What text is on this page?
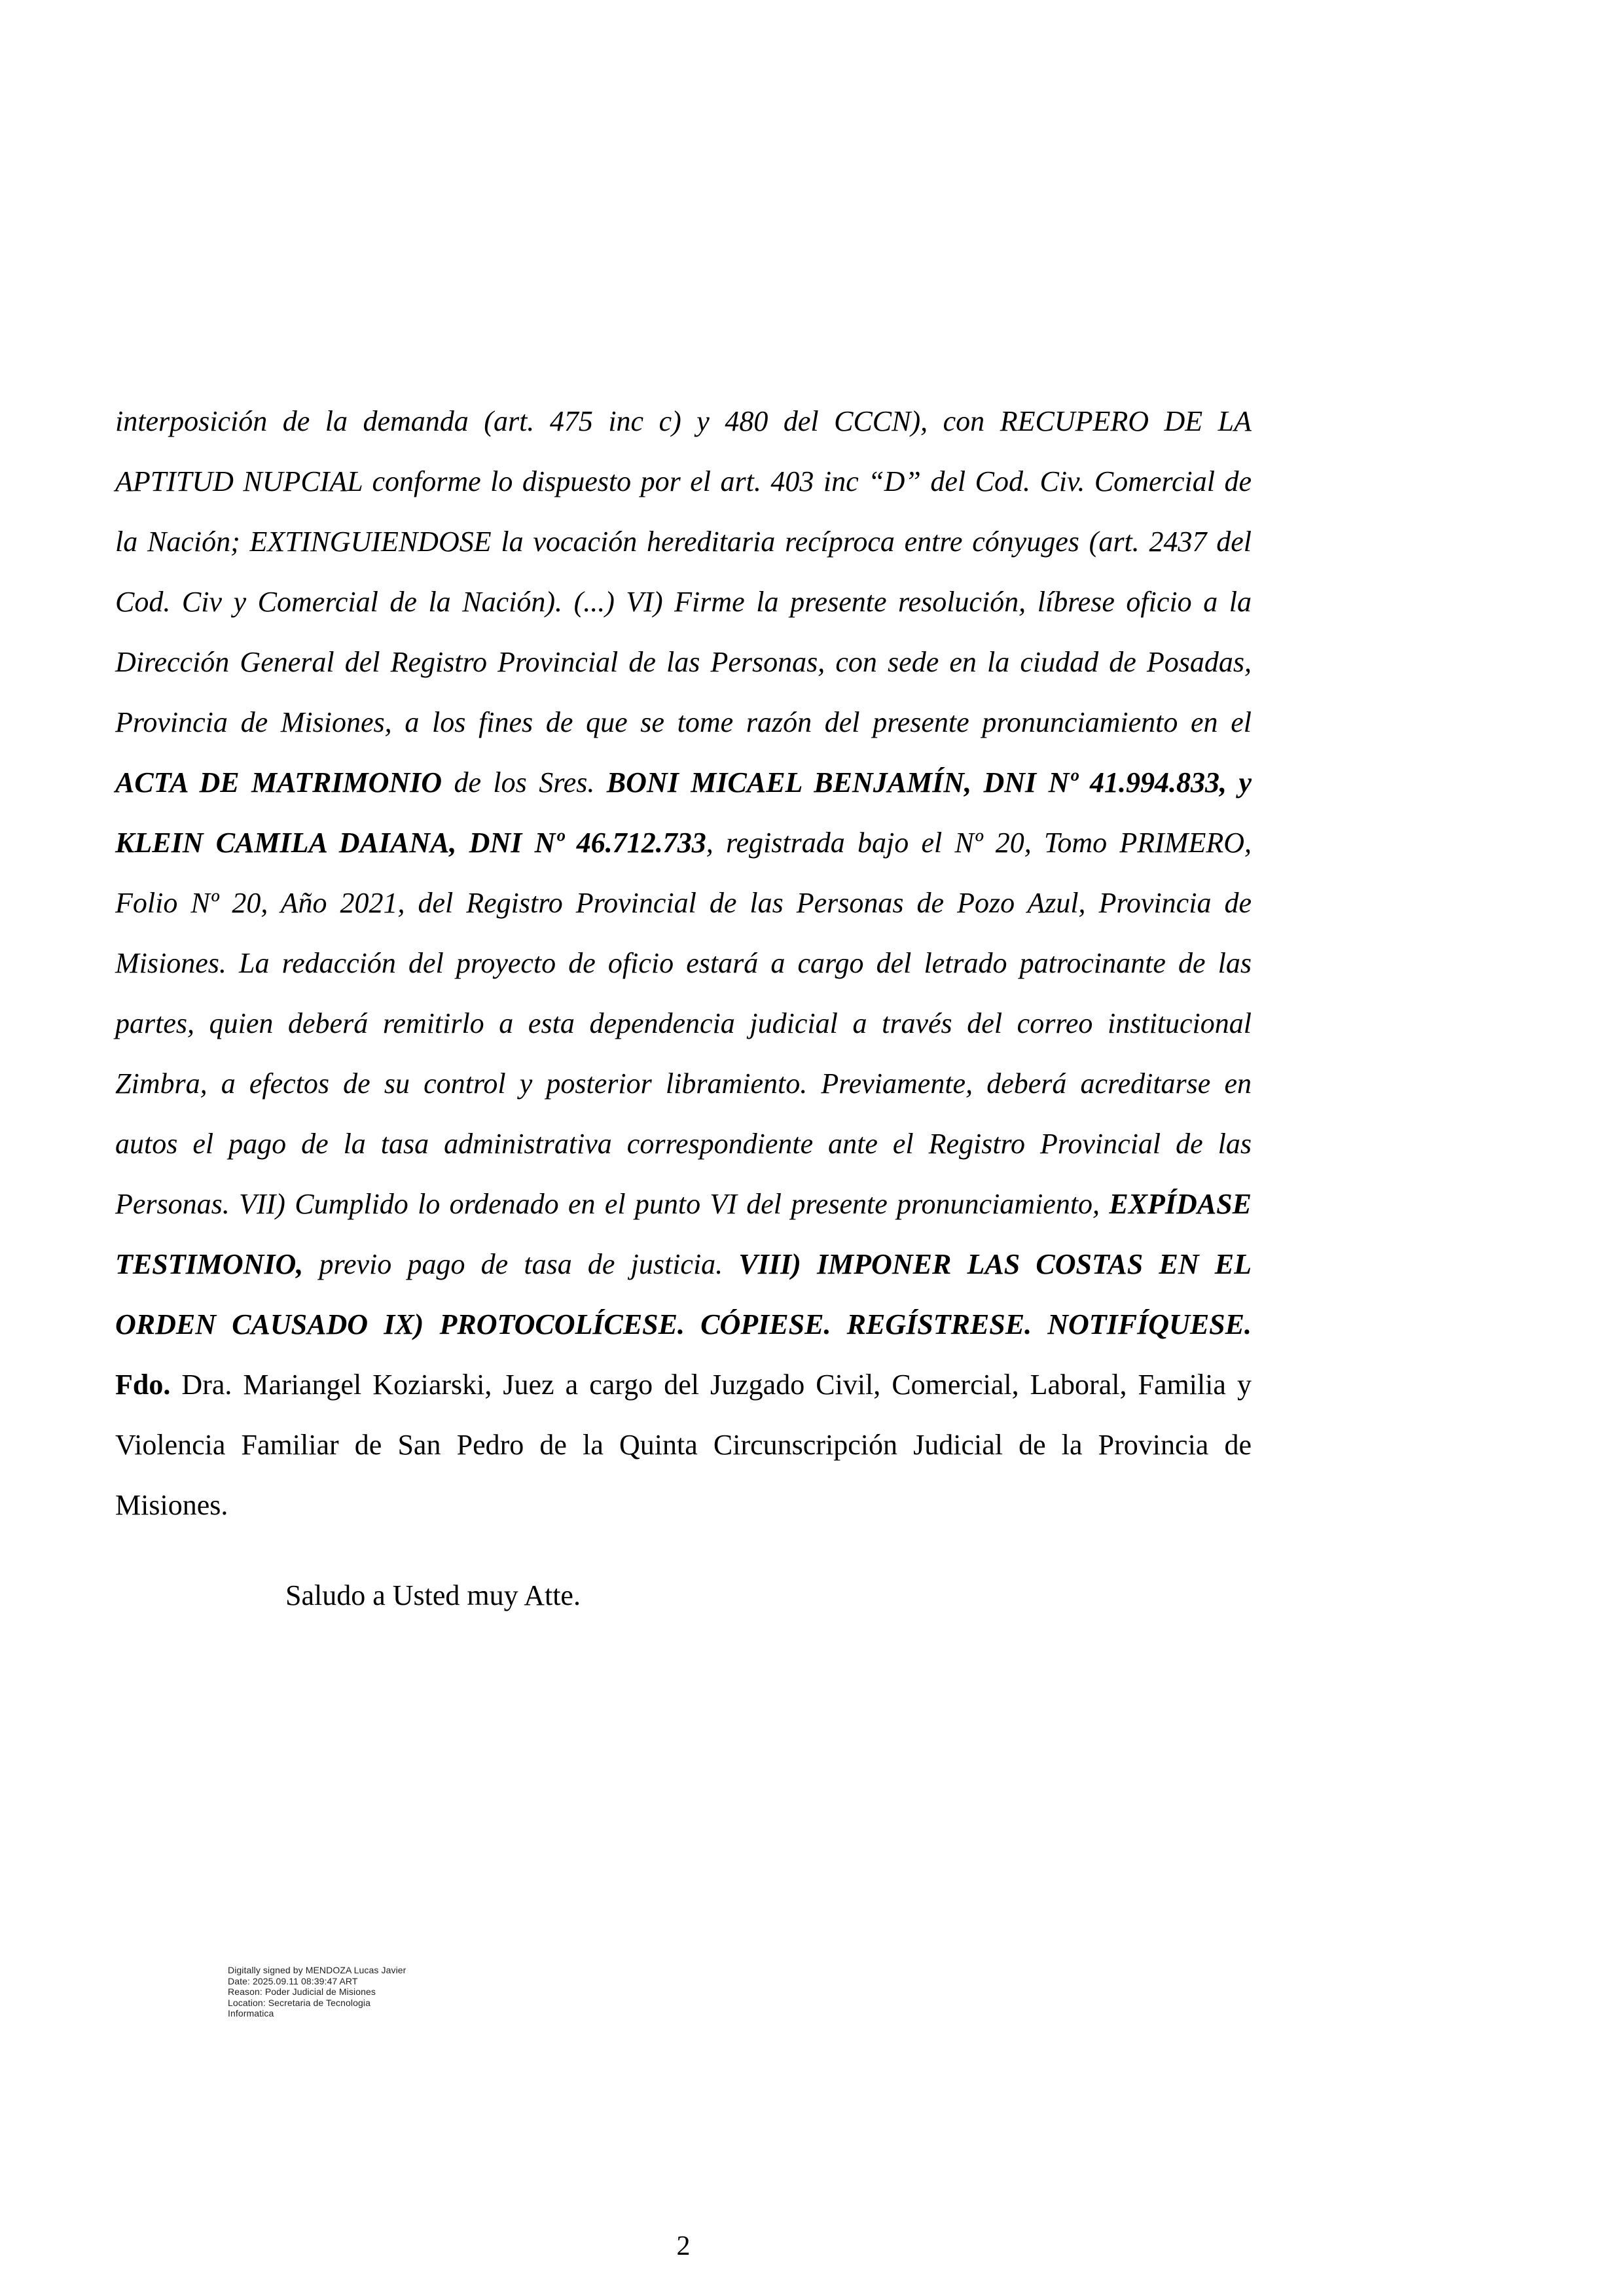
interposición de la demanda (art. 475 inc c) y 480 del CCCN), con RECUPERO DE LA APTITUD NUPCIAL conforme lo dispuesto por el art. 403 inc “D” del Cod. Civ. Comercial de la Nación; EXTINGUIENDOSE la vocación hereditaria recíproca entre cónyuges (art. 2437 del Cod. Civ y Comercial de la Nación). (...) VI) Firme la presente resolución, líbrese oficio a la Dirección General del Registro Provincial de las Personas, con sede en la ciudad de Posadas, Provincia de Misiones, a los fines de que se tome razón del presente pronunciamiento en el ACTA DE MATRIMONIO de los Sres. BONI MICAEL BENJAMÍN, DNI Nº 41.994.833, y KLEIN CAMILA DAIANA, DNI Nº 46.712.733, registrada bajo el Nº 20, Tomo PRIMERO, Folio Nº 20, Año 2021, del Registro Provincial de las Personas de Pozo Azul, Provincia de Misiones. La redacción del proyecto de oficio estará a cargo del letrado patrocinante de las partes, quien deberá remitirlo a esta dependencia judicial a través del correo institucional Zimbra, a efectos de su control y posterior libramiento. Previamente, deberá acreditarse en autos el pago de la tasa administrativa correspondiente ante el Registro Provincial de las Personas. VII) Cumplido lo ordenado en el punto VI del presente pronunciamiento, EXPÍDASE TESTIMONIO, previo pago de tasa de justicia. VIII) IMPONER LAS COSTAS EN EL ORDEN CAUSADO IX) PROTOCOLÍCESE. CÓPIESE. REGÍSTRESE. NOTIFÍQUESE. Fdo. Dra. Mariangel Koziarski, Juez a cargo del Juzgado Civil, Comercial, Laboral, Familia y Violencia Familiar de San Pedro de la Quinta Circunscripción Judicial de la Provincia de Misiones.

Saludo a Usted muy Atte.

Digitally signed by MENDOZA Lucas Javier
Date: 2025.09.11 08:39:47 ART
Reason: Poder Judicial de Misiones
Location: Secretaria de Tecnologia
Informatica
2
